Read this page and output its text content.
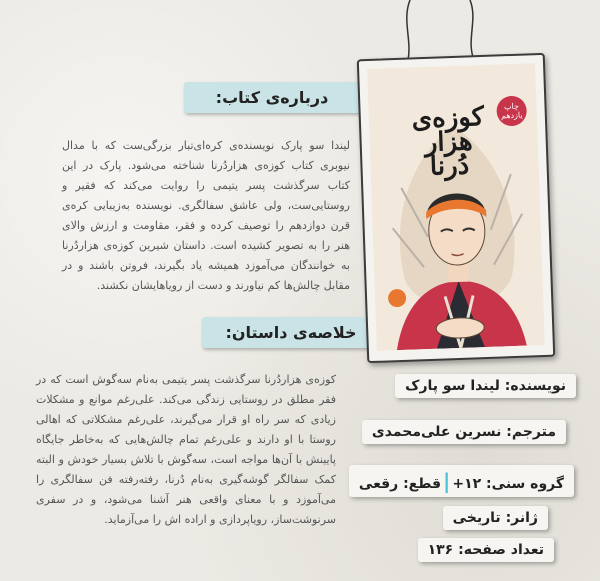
درباره‌ی کتاب:
لیندا سو پارک نویسنده‌ی کره‌ای‌تبار بزرگی‌ست که با مدال نیوبری کتاب کوزه‌ی هزاردُرنا شناخته می‌شود. پارک در این کتاب سرگذشت پسر یتیمی را روایت می‌کند که فقیر و روستایی‌ست، ولی عاشق سفالگری. نویسنده به‌زیبایی کره‌ی قرن دوازدهم را توصیف کرده و فقر، مقاومت و ارزش والای هنر را به تصویر کشیده است. داستان شیرین کوزه‌ی هزاردُرنا به خوانندگان می‌آموزد همیشه یاد بگیرند، فروتن باشند و در مقابل چالش‌ها کم نیاورند و دست از رویاهایشان نکشند.
خلاصه‌ی داستان:
کوزه‌ی هزاردُرنا سرگذشت پسر یتیمی به‌نام سه‌گوش است که در فقر مطلق در روستایی زندگی می‌کند. علی‌رغم موانع و مشکلات زیادی که سر راه او قرار می‌گیرند، علی‌رغم مشکلاتی که اهالی روستا با او دارند و علی‌رغم تمام چالش‌هایی که به‌خاطر جایگاه پایینش با آن‌ها مواجه است، سه‌گوش با تلاش بسیار خودش و البته کمک سفالگر گوشه‌گیری به‌نام دُرنا، رفته‌رفته فن سفالگری را می‌آموزد و با معنای واقعی هنر آشنا می‌شود، و در سفری سرنوشت‌ساز، رویاپردازی و اراده اش را می‌آزماید.
کوزه‌ی
هزار
دُرنا
چاپ یازدهم
نویسنده: لیندا سو پارک
مترجم: نسرین علی‌محمدی
گروه سنی: ۱۲+|قطع: رقعی
ژانر: تاریخی
تعداد صفحه: ۱۳۶
